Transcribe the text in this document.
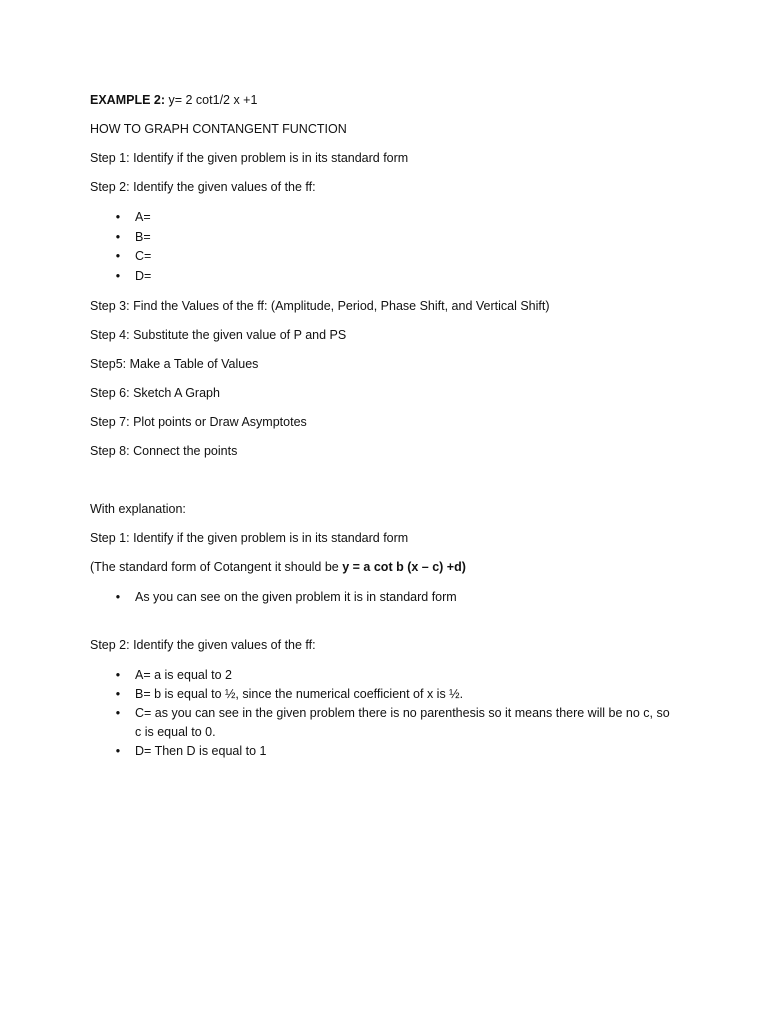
EXAMPLE 2: y= 2 cot1/2 x +1

HOW TO GRAPH CONTANGENT FUNCTION

Step 1: Identify if the given problem is in its standard form

Step 2: Identify the given values of the ff:

• A=
• B=
• C=
• D=

Step 3: Find the Values of the ff: (Amplitude, Period, Phase Shift, and Vertical Shift)

Step 4: Substitute the given value of P and PS

Step5: Make a Table of Values

Step 6: Sketch A Graph

Step 7: Plot points or Draw Asymptotes

Step 8: Connect the points

With explanation:

Step 1: Identify if the given problem is in its standard form

(The standard form of Cotangent it should be y = a cot b (x – c) +d)

• As you can see on the given problem it is in standard form

Step 2: Identify the given values of the ff:

• A= a is equal to 2
• B= b is equal to ½, since the numerical coefficient of x is ½.
• C= as you can see in the given problem there is no parenthesis so it means there will be no c, so c is equal to 0.
• D= Then D is equal to 1
